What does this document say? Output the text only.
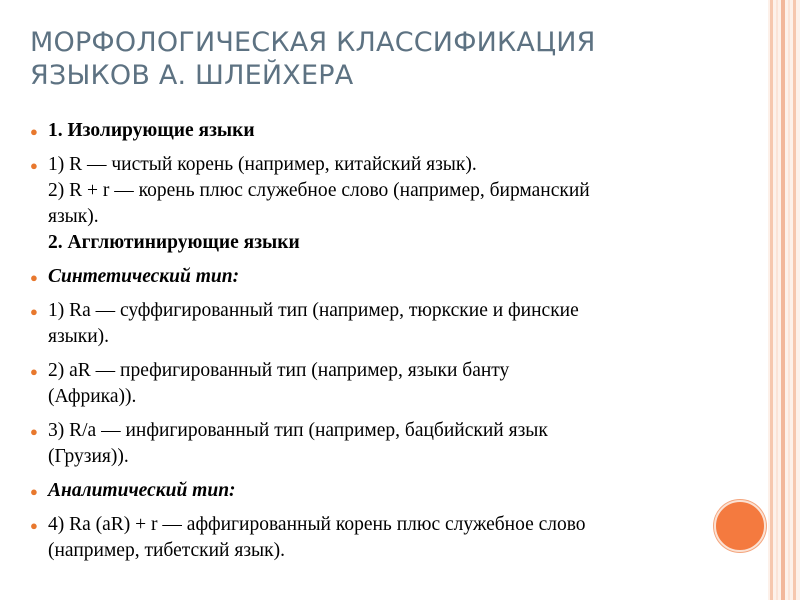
МОРФОЛОГИЧЕСКАЯ КЛАССИФИКАЦИЯ
ЯЗЫКОВ А. ШЛЕЙХЕРА
● 1. Изолирующие языки
● 1) R — чистый корень (например, китайский язык).
2) R + r — корень плюс служебное слово (например, бирманский
язык).
2. Агглютинирующие языки
● Синтетический тип:
● 1) Ra — суффигированный тип (например, тюркские и финские
языки).
● 2) aR — префигированный тип (например, языки банту
(Африка)).
● 3) R/a — инфигированный тип (например, бацбийский язык
(Грузия)).
● Аналитический тип:
● 4) Ra (aR) + r — аффигированный корень плюс служебное слово
(например, тибетский язык).
